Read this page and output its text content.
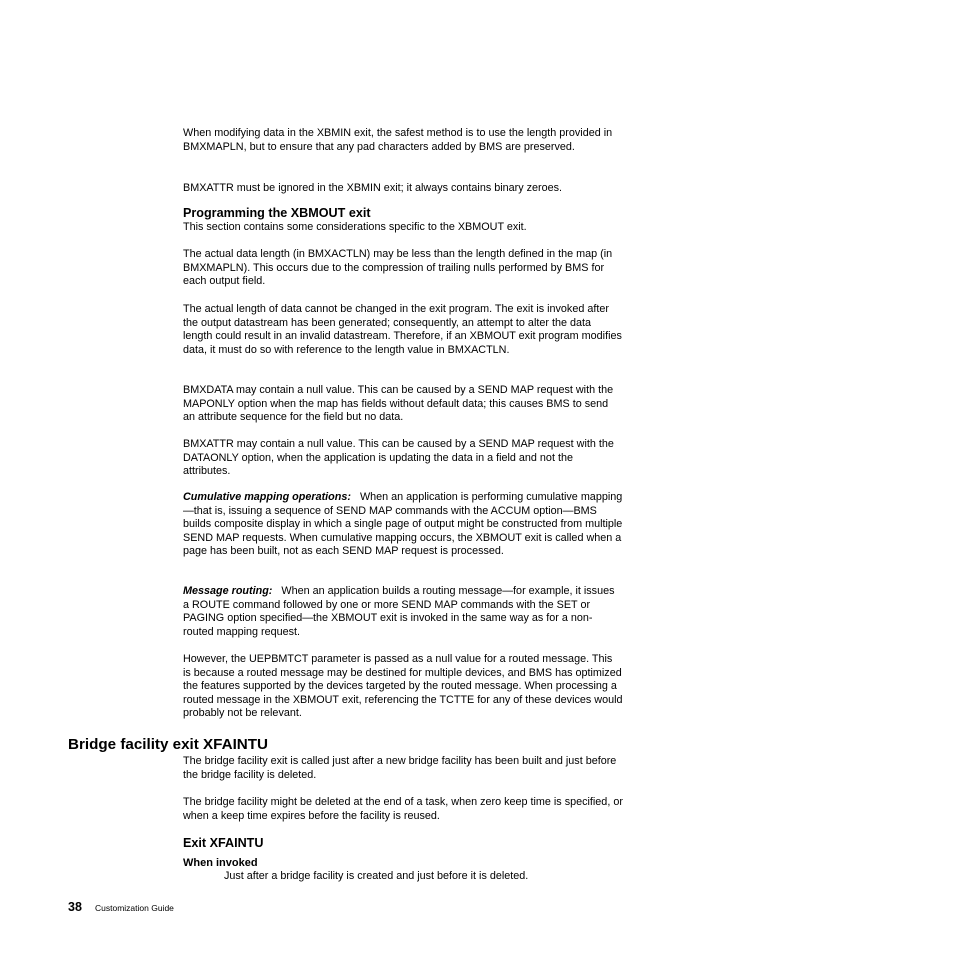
When modifying data in the XBMIN exit, the safest method is to use the length provided in BMXMAPLN, but to ensure that any pad characters added by BMS are preserved.

BMXATTR must be ignored in the XBMIN exit; it always contains binary zeroes.

Programming the XBMOUT exit

This section contains some considerations specific to the XBMOUT exit.

The actual data length (in BMXACTLN) may be less than the length defined in the map (in BMXMAPLN). This occurs due to the compression of trailing nulls performed by BMS for each output field.

The actual length of data cannot be changed in the exit program. The exit is invoked after the output datastream has been generated; consequently, an attempt to alter the data length could result in an invalid datastream. Therefore, if an XBMOUT exit program modifies data, it must do so with reference to the length value in BMXACTLN.

BMXDATA may contain a null value. This can be caused by a SEND MAP request with the MAPONLY option when the map has fields without default data; this causes BMS to send an attribute sequence for the field but no data.

BMXATTR may contain a null value. This can be caused by a SEND MAP request with the DATAONLY option, when the application is updating the data in a field and not the attributes.

Cumulative mapping operations: When an application is performing cumulative mapping—that is, issuing a sequence of SEND MAP commands with the ACCUM option—BMS builds composite display in which a single page of output might be constructed from multiple SEND MAP requests. When cumulative mapping occurs, the XBMOUT exit is called when a page has been built, not as each SEND MAP request is processed.

Message routing: When an application builds a routing message—for example, it issues a ROUTE command followed by one or more SEND MAP commands with the SET or PAGING option specified—the XBMOUT exit is invoked in the same way as for a non-routed mapping request.

However, the UEPBMTCT parameter is passed as a null value for a routed message. This is because a routed message may be destined for multiple devices, and BMS has optimized the features supported by the devices targeted by the routed message. When processing a routed message in the XBMOUT exit, referencing the TCTTE for any of these devices would probably not be relevant.

Bridge facility exit XFAINTU

The bridge facility exit is called just after a new bridge facility has been built and just before the bridge facility is deleted.

The bridge facility might be deleted at the end of a task, when zero keep time is specified, or when a keep time expires before the facility is reused.

Exit XFAINTU
When invoked

Just after a bridge facility is created and just before it is deleted.

38 Customization Guide
